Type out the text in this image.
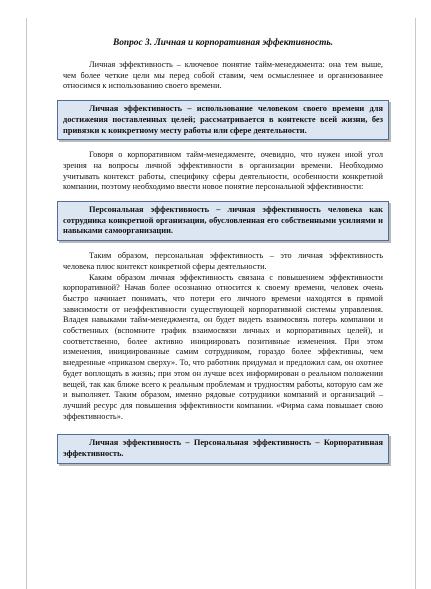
Вопрос 3. Личная и корпоративная эффективность.

Личная эффективность – ключевое понятие тайм-менеджмента: она тем выше, чем более четкие цели мы перед собой ставим, чем осмысленнее и организованнее относимся к использованию своего времени.

Личная эффективность – использование человеком своего времени для достижения поставленных целей; рассматривается в контексте всей жизни, без привязки к конкретному месту работы или сфере деятельности.

Говоря о корпоративном тайм-менеджменте, очевидно, что нужен иной угол зрения на вопросы личной эффективности в организации времени. Необходимо учитывать контекст работы, специфику сферы деятельности, особенности конкретной компании, поэтому необходимо ввести новое понятие персональной эффективности:

Персональная эффективность – личная эффективность человека как сотрудника конкретной организации, обусловленная его собственными усилиями и навыками самоорганизации.

Таким образом, персональная эффективность – это личная эффективность человека плюс контекст конкретной сферы деятельности.

Каким образом личная эффективность связана с повышением эффективности корпоративной? Начав более осознанно относится к своему времени, человек очень быстро начинает понимать, что потери его личного времени находятся в прямой зависимости от неэффективности существующей корпоративной системы управления. Владея навыками тайм-менеджмента, он будет видеть взаимосвязь потерь компании и собственных (вспомните график взаимосвязи личных и корпоративных целей), и соответственно, более активно инициировать позитивные изменения. При этом изменения, инициированные самим сотрудником, гораздо более эффективны, чем внедренные «приказом сверху». То, что работник придумал и предложил сам, он охотнее будет воплощать в жизнь; при этом он лучше всех информирован о реальном положении вещей, так как ближе всего к реальным проблемам и трудностям работы, которую сам же и выполняет. Таким образом, именно рядовые сотрудники компаний и организаций – лучший ресурс для повышения эффективности компании. «Фирма сама повышает свою эффективность».

Личная эффективность – Персональная эффективность – Корпоративная эффективность.
